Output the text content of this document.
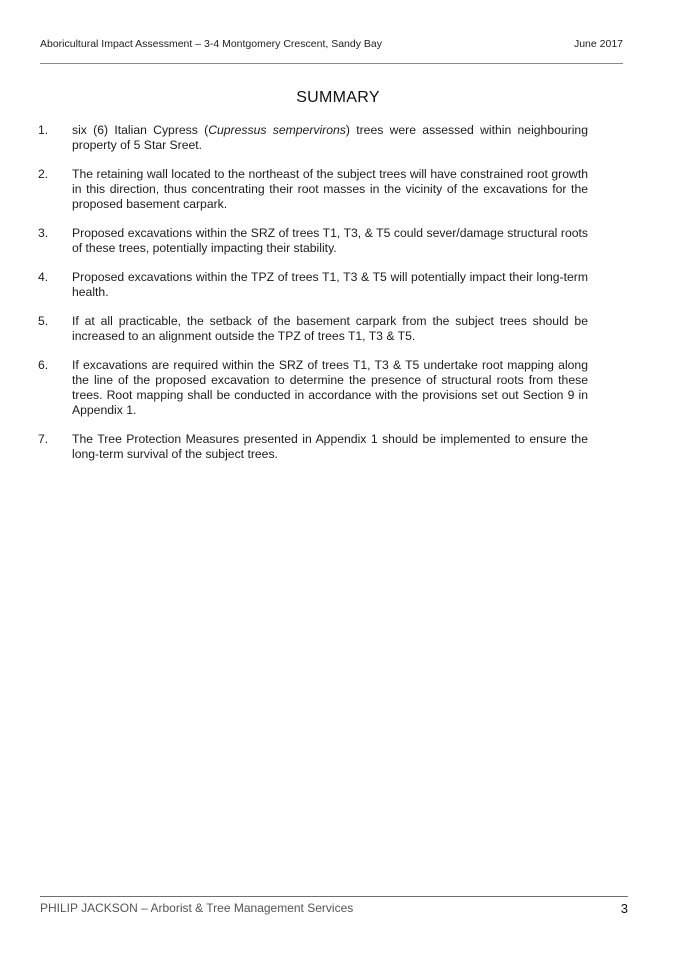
Aboricultural Impact Assessment – 3-4 Montgomery Crescent, Sandy Bay	June 2017
SUMMARY
1.	six (6) Italian Cypress (Cupressus sempervirons) trees were assessed within neighbouring property of 5 Star Sreet.
2.	The retaining wall located to the northeast of the subject trees will have constrained root growth in this direction, thus concentrating their root masses in the vicinity of the excavations for the proposed basement carpark.
3.	Proposed excavations within the SRZ of trees T1, T3, & T5 could sever/damage structural roots of these trees, potentially impacting their stability.
4.	Proposed excavations within the TPZ of trees T1, T3 & T5 will potentially impact their long-term health.
5.	If at all practicable, the setback of the basement carpark from the subject trees should be increased to an alignment outside the TPZ of trees T1, T3 & T5.
6.	If excavations are required within the SRZ of trees T1, T3 & T5 undertake root mapping along the line of the proposed excavation to determine the presence of structural roots from these trees. Root mapping shall be conducted in accordance with the provisions set out Section 9 in Appendix 1.
7.	The Tree Protection Measures presented in Appendix 1 should be implemented to ensure the long-term survival of the subject trees.
PHILIP JACKSON – Arborist & Tree Management Services	3
